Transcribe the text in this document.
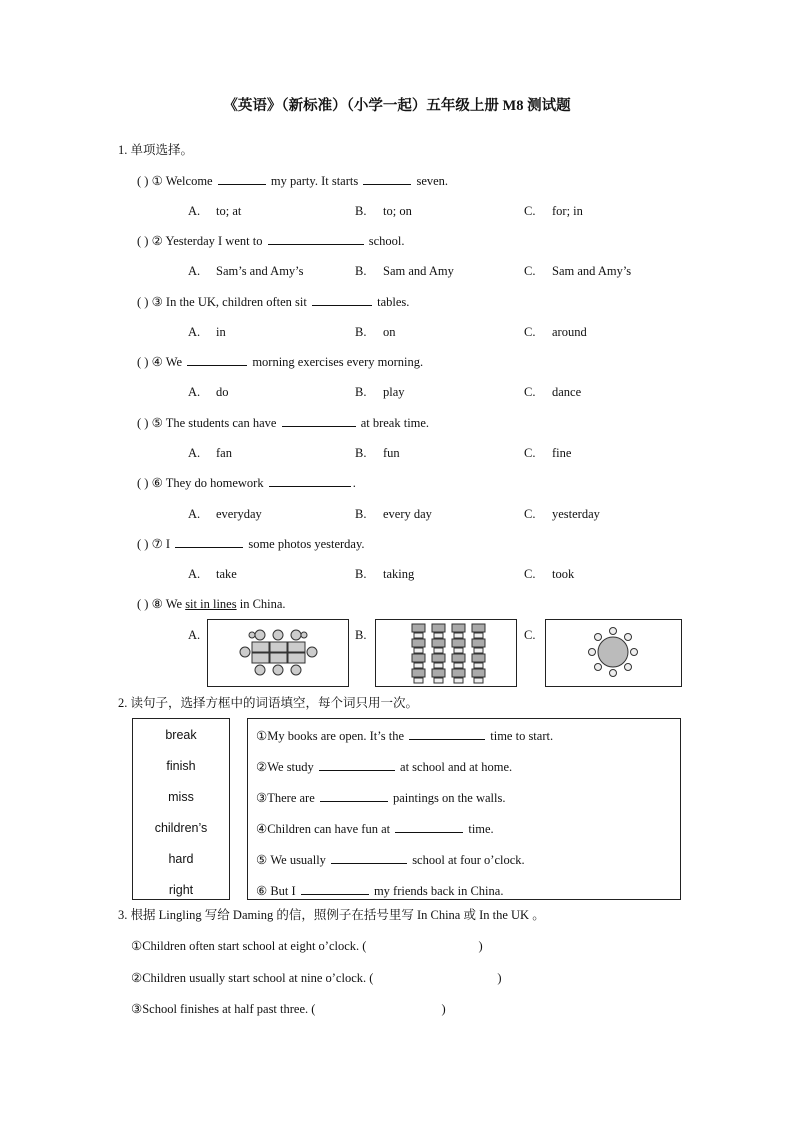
《英语》（新标准）（小学一起）五年级上册 M8 测试题
1. 单项选择。
( ) ① Welcome	my party. It starts	seven.
A. to; at	B. to; on	C. for; in
( ) ② Yesterday I went to	school.
A. Sam’s and Amy’s	B. Sam and Amy	C. Sam and Amy’s
( ) ③ In the UK, children often sit	tables.
A. in	B. on	C. around
( ) ④ We	morning exercises every morning.
A. do	B. play	C. dance
( ) ⑤ The students can have	at break time.
A. fan	B. fun	C. fine
( ) ⑥ They do homework	.
A. everyday	B. every day	C. yesterday
( ) ⑦ I	some photos yesterday.
A. take	B. taking	C. took
( ) ⑧ We sit in lines in China.
A.	B.	C.
2. 读句子，选择方框中的词语填空，每个词只用一次。
break
finish
miss
children’s
hard
right
①My books are open. It’s the	time to start.
②We study	at school and at home.
③There are	paintings on the walls.
④Children can have fun at	time.
⑤ We usually	school at four o’clock.
⑥ But I	my friends back in China.
3. 根据 Lingling 写给 Daming 的信，照例子在括号里写 In China 或 In the UK 。
①Children often start school at eight o’clock. (	)
②Children usually start school at nine o’clock. (	)
③School finishes at half past three. (	)
